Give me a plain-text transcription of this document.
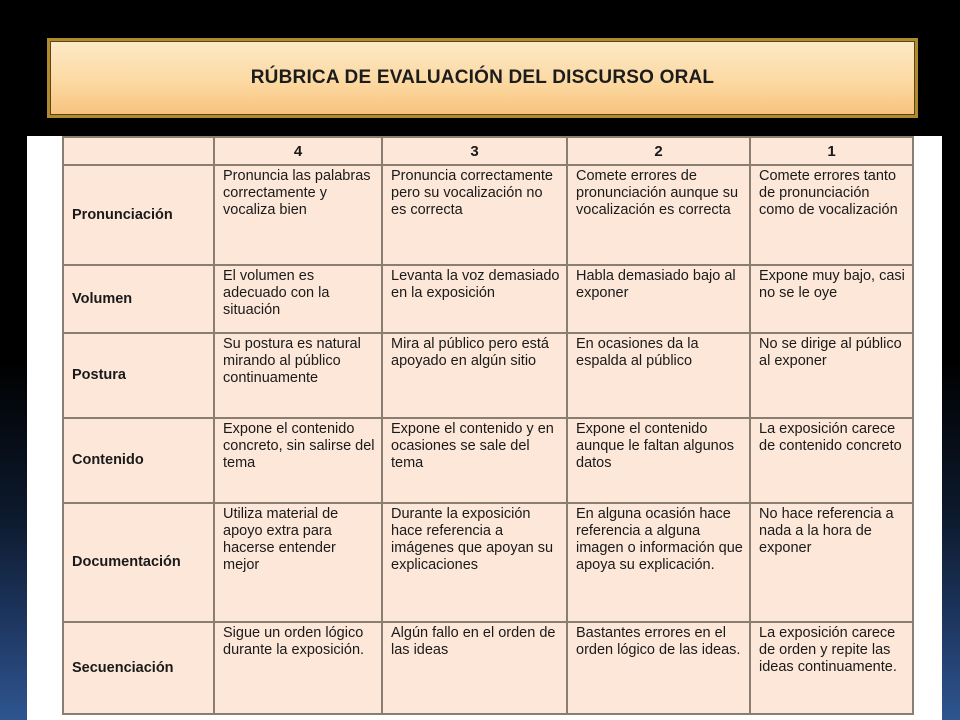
RÚBRICA DE EVALUACIÓN DEL DISCURSO ORAL
	4	3	2	1
Pronunciación	Pronuncia las palabras correctamente y vocaliza bien	Pronuncia correctamente pero su vocalización no es correcta	Comete errores de pronunciación aunque su vocalización es correcta	Comete errores tanto de pronunciación como de vocalización
Volumen	El volumen es adecuado con la situación	Levanta la voz demasiado en la exposición	Habla demasiado bajo al exponer	Expone muy bajo, casi no se le oye
Postura	Su postura es natural mirando al público continuamente	Mira al público pero está apoyado en algún sitio	En ocasiones da la espalda al público	No se dirige al público al exponer
Contenido	Expone el contenido concreto, sin salirse del tema	Expone el contenido y en ocasiones se sale del tema	Expone el contenido aunque le faltan algunos datos	La exposición carece de contenido concreto
Documentación	Utiliza material de apoyo extra para hacerse entender mejor	Durante la exposición hace referencia a imágenes que apoyan su explicaciones	En alguna ocasión hace referencia a alguna imagen o información que apoya su explicación.	No hace referencia a nada a la hora de exponer
Secuenciación	Sigue un orden lógico durante la exposición.	Algún fallo en el orden de las ideas	Bastantes errores en el orden lógico de las ideas.	La exposición carece de orden y repite las ideas continuamente.
